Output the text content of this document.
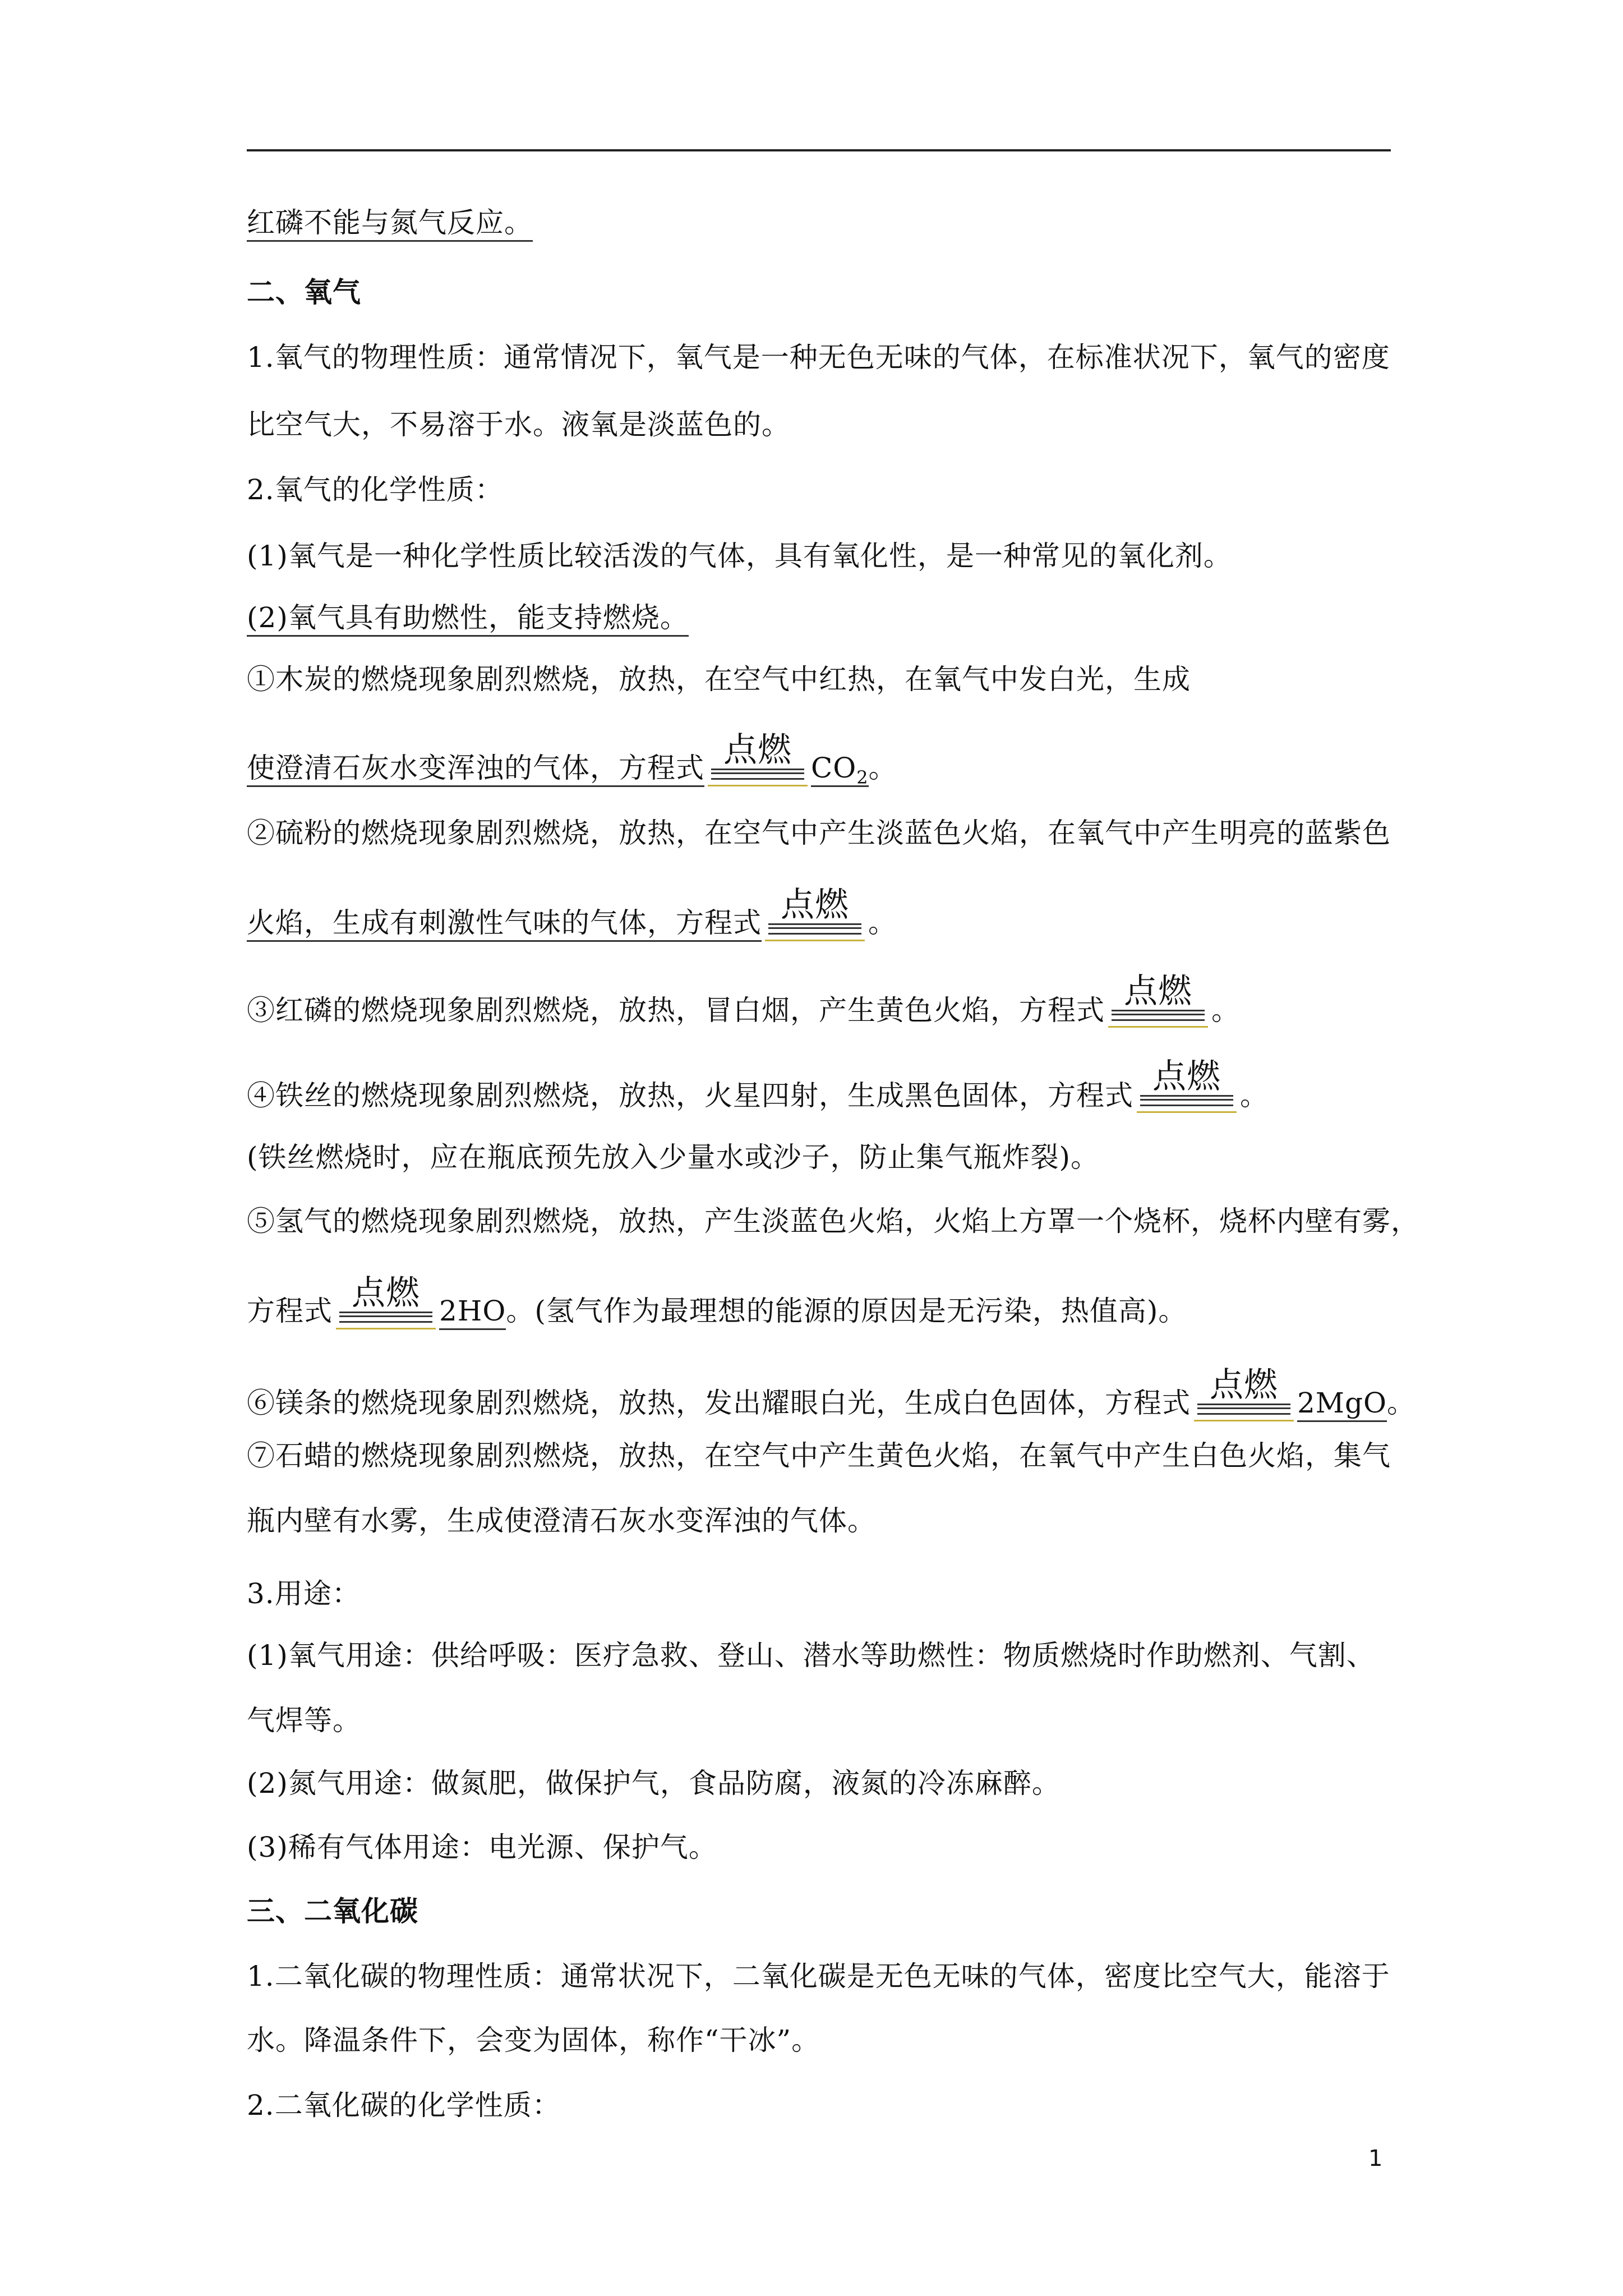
红磷不能与氮气反应。
二、氧气
1.氧气的物理性质：通常情况下，氧气是一种无色无味的气体，在标准状况下，氧气的密度
比空气大，不易溶于水。液氧是淡蓝色的。
2.氧气的化学性质：
(1)氧气是一种化学性质比较活泼的气体，具有氧化性，是一种常见的氧化剂。
(2)氧气具有助燃性，能支持燃烧。
①木炭的燃烧现象剧烈燃烧，放热，在空气中红热，在氧气中发白光，生成
使澄清石灰水变浑浊的气体，方程式 点燃 $CO_2$。
②硫粉的燃烧现象剧烈燃烧，放热，在空气中产生淡蓝色火焰，在氧气中产生明亮的蓝紫色
火焰，生成有刺激性气味的气体，方程式 点燃 。
③红磷的燃烧现象剧烈燃烧，放热，冒白烟，产生黄色火焰，方程式 点燃 。
④铁丝的燃烧现象剧烈燃烧，放热，火星四射，生成黑色固体，方程式 点燃 。
(铁丝燃烧时，应在瓶底预先放入少量水或沙子，防止集气瓶炸裂)。
⑤氢气的燃烧现象剧烈燃烧，放热，产生淡蓝色火焰，火焰上方罩一个烧杯，烧杯内壁有雾，
方程式 点燃 2HO。(氢气作为最理想的能源的原因是无污染，热值高)。
⑥镁条的燃烧现象剧烈燃烧，放热，发出耀眼白光，生成白色固体，方程式 点燃 2MgO。
⑦石蜡的燃烧现象剧烈燃烧，放热，在空气中产生黄色火焰，在氧气中产生白色火焰，集气
瓶内壁有水雾，生成使澄清石灰水变浑浊的气体。
3.用途：
(1)氧气用途：供给呼吸：医疗急救、登山、潜水等助燃性：物质燃烧时作助燃剂、气割、
气焊等。
(2)氮气用途：做氮肥，做保护气，食品防腐，液氮的冷冻麻醉。
(3)稀有气体用途：电光源、保护气。
三、二氧化碳
1.二氧化碳的物理性质：通常状况下，二氧化碳是无色无味的气体，密度比空气大，能溶于
水。降温条件下，会变为固体，称作“干冰”。
2.二氧化碳的化学性质：
1
